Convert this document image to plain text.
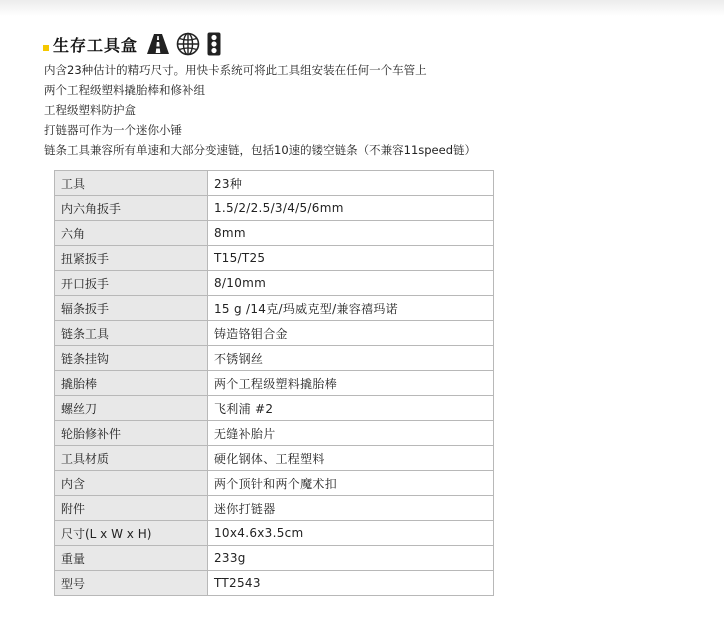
生存工具盒
内含23种估计的精巧尺寸。用快卡系统可将此工具组安装在任何一个车管上
两个工程级塑料撬胎棒和修补组
工程级塑料防护盒
打链器可作为一个迷你小锤
链条工具兼容所有单速和大部分变速链，包括10速的镂空链条（不兼容11speed链）
工具	23种
内六角扳手	1.5/2/2.5/3/4/5/6mm
六角	8mm
扭紧扳手	T15/T25
开口扳手	8/10mm
辐条扳手	15 g /14克/玛威克型/兼容禧玛诺
链条工具	铸造铬钼合金
链条挂钩	不锈钢丝
撬胎棒	两个工程级塑料撬胎棒
螺丝刀	飞利浦 #2
轮胎修补件	无缝补胎片
工具材质	硬化钢体、工程塑料
内含	两个顶针和两个魔术扣
附件	迷你打链器
尺寸(L x W x H)	10x4.6x3.5cm
重量	233g
型号	TT2543
